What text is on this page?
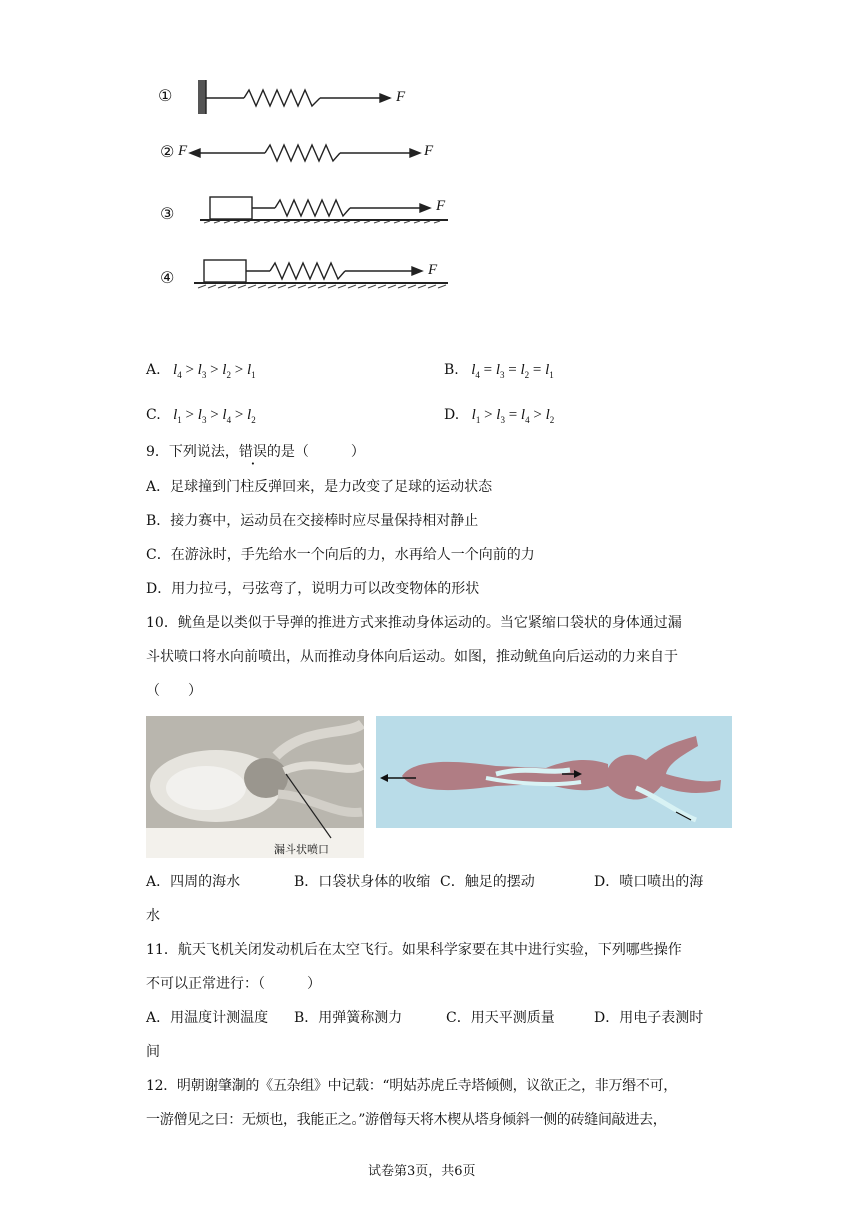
①
②
③
④
F
F	F
F
F
A. $l_4 > l_3 > l_2 > l_1$	B. $l_4 = l_3 = l_2 = l_1$
C. $l_1 > l_3 > l_4 > l_2$	D. $l_1 > l_3 = l_4 > l_2$
9．下列说法，错误的是（　　　）
A．足球撞到门柱反弹回来，是力改变了足球的运动状态
B．接力赛中，运动员在交接棒时应尽量保持相对静止
C．在游泳时，手先给水一个向后的力，水再给人一个向前的力
D．用力拉弓，弓弦弯了，说明力可以改变物体的形状
10．鱿鱼是以类似于导弹的推进方式来推动身体运动的。当它紧缩口袋状的身体通过漏
斗状喷口将水向前喷出，从而推动身体向后运动。如图，推动鱿鱼向后运动的力来自于
（　　）
漏斗状喷口
A．四周的海水	B．口袋状身体的收缩 C．触足的摆动	D．喷口喷出的海
水
11．航天飞机关闭发动机后在太空飞行。如果科学家要在其中进行实验，下列哪些操作
不可以正常进行：（　　　）
A．用温度计测温度 B．用弹簧称测力	C．用天平测质量	D．用电子表测时
间
12．明朝谢肇淛的《五杂组》中记载：“明姑苏虎丘寺塔倾侧，议欲正之，非万缗不可，
一游僧见之曰：无烦也，我能正之。”游僧每天将木楔从塔身倾斜一侧的砖缝间敲进去，
试卷第3页，共6页
